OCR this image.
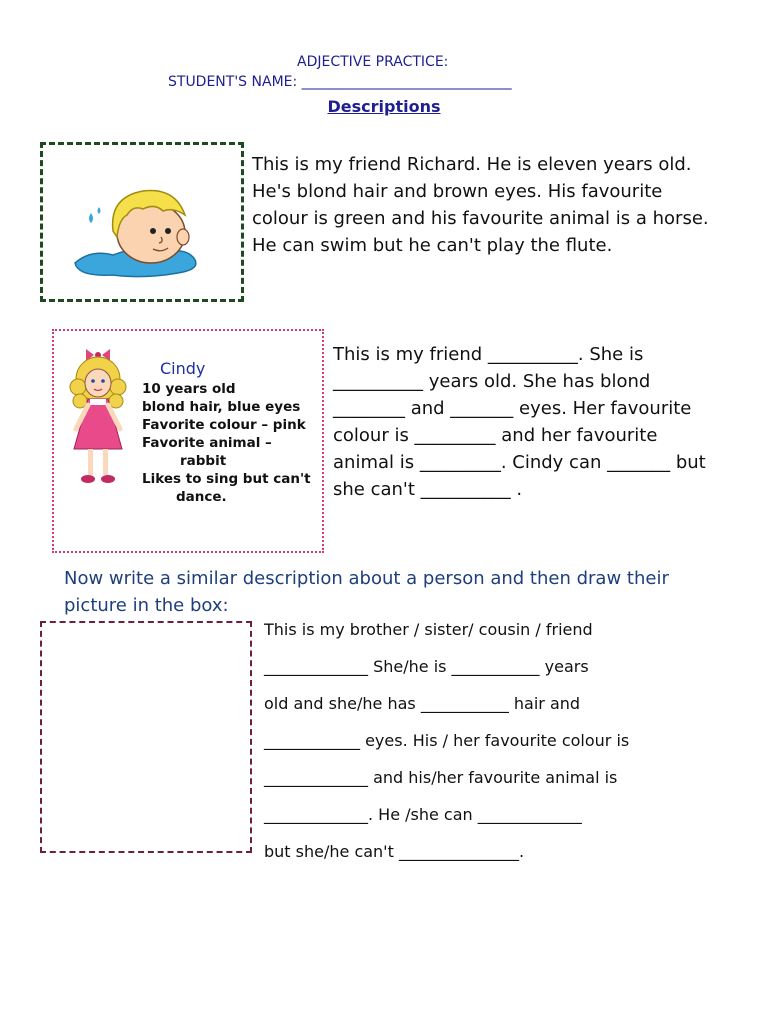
ADJECTIVE PRACTICE:
STUDENT'S NAME: ______________________________
Descriptions
This is my friend Richard. He is eleven years old. He's blond hair and brown eyes. His favourite colour is green and his favourite animal is a horse. He can swim but he can't play the flute.
Cindy
10 years old
blond hair, blue eyes
Favorite colour – pink
Favorite animal –
rabbit
Likes to sing but can't
dance.
This is my friend __________. She is __________ years old. She has blond ________ and _______ eyes. Her favourite colour is _________ and her favourite animal is _________. Cindy can _______ but she can't __________ .
Now write a similar description about a person and then draw their picture in the box:
This is my brother / sister/ cousin / friend
_____________ She/he is ___________ years
old and she/he has ___________ hair and
____________ eyes. His / her favourite colour is
_____________ and his/her favourite animal is
_____________. He /she can _____________
but she/he can't _______________.
